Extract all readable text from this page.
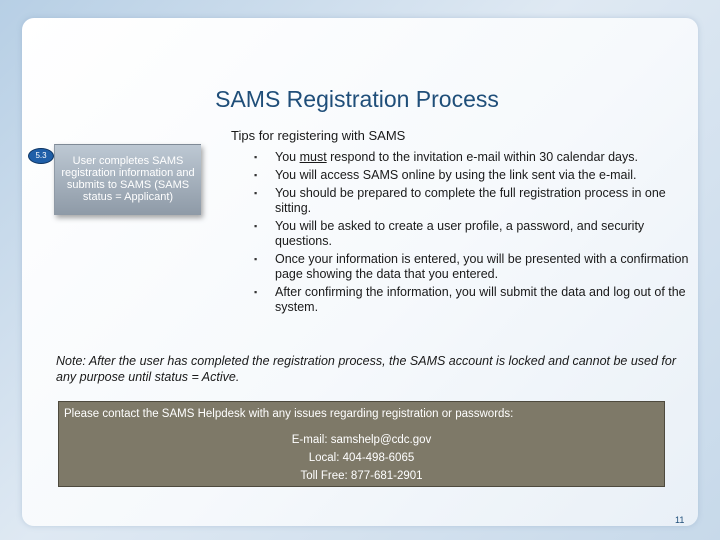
SAMS Registration Process
5.3	User completes SAMS registration information and submits to SAMS (SAMS status = Applicant)
Tips for registering with SAMS
▪ You must respond to the invitation e-mail within 30 calendar days.
▪ You will access SAMS online by using the link sent via the e-mail.
▪ You should be prepared to complete the full registration process in one sitting.
▪ You will be asked to create a user profile, a password, and security questions.
▪ Once your information is entered, you will be presented with a confirmation page showing the data that you entered.
▪ After confirming the information, you will submit the data and log out of the system.
Note: After the user has completed the registration process, the SAMS account is locked and cannot be used for any purpose until status = Active.
Please contact the SAMS Helpdesk with any issues regarding registration or passwords:
E-mail: samshelp@cdc.gov
Local: 404-498-6065
Toll Free: 877-681-2901
11
